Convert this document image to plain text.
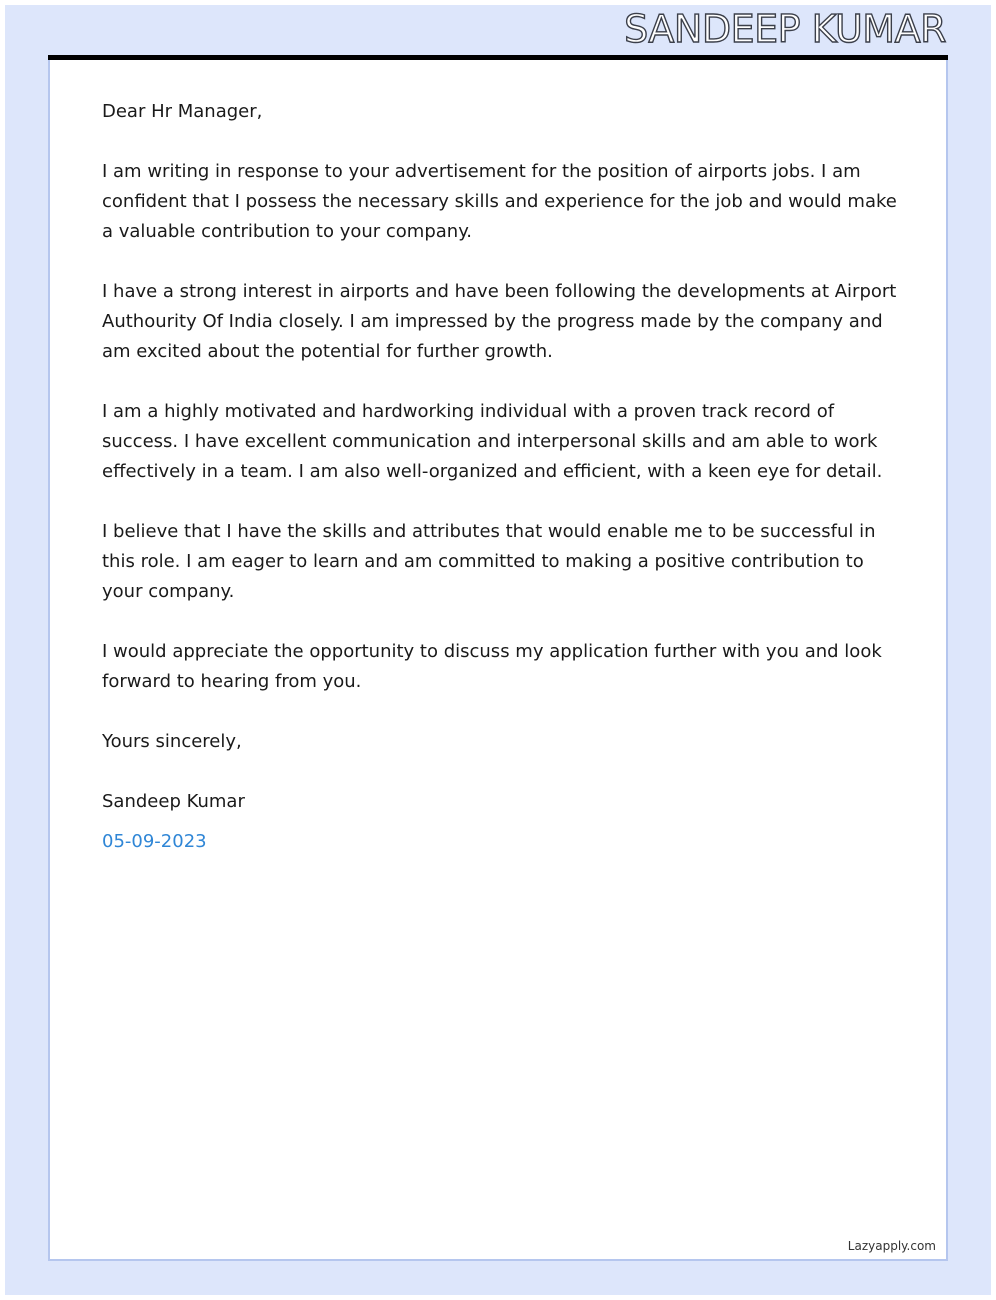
SANDEEP KUMAR

Dear Hr Manager,

I am writing in response to your advertisement for the position of airports jobs. I am confident that I possess the necessary skills and experience for the job and would make a valuable contribution to your company.

I have a strong interest in airports and have been following the developments at Airport Authourity Of India closely. I am impressed by the progress made by the company and am excited about the potential for further growth.

I am a highly motivated and hardworking individual with a proven track record of success. I have excellent communication and interpersonal skills and am able to work effectively in a team. I am also well-organized and efficient, with a keen eye for detail.

I believe that I have the skills and attributes that would enable me to be successful in this role. I am eager to learn and am committed to making a positive contribution to your company.

I would appreciate the opportunity to discuss my application further with you and look forward to hearing from you.

Yours sincerely,

Sandeep Kumar

05-09-2023

Lazyapply.com
